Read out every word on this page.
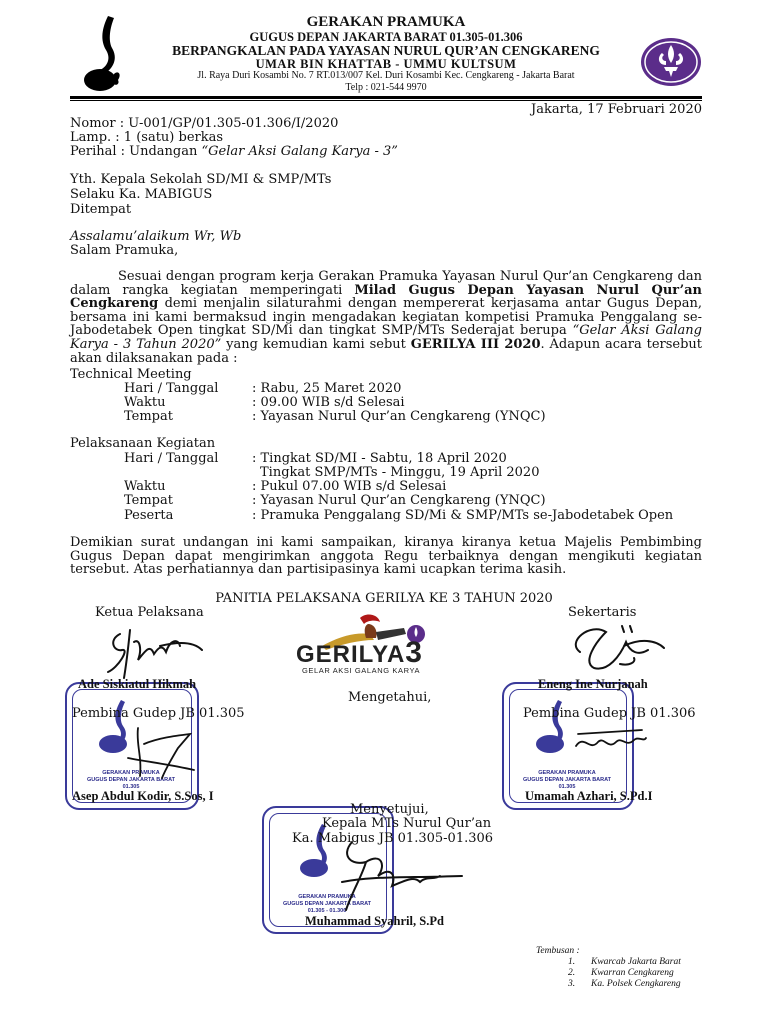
GERAKAN PRAMUKA
GUGUS DEPAN JAKARTA BARAT 01.305-01.306
BERPANGKALAN PADA YAYASAN NURUL QUR’AN CENGKARENG
UMAR BIN KHATTAB - UMMU KULTSUM
Jl. Raya Duri Kosambi No. 7 RT.013/007 Kel. Duri Kosambi Kec. Cengkareng - Jakarta Barat
Telp : 021-544 9970
Jakarta, 17 Februari 2020
Nomor : U-001/GP/01.305-01.306/I/2020
Lamp. : 1 (satu) berkas
Perihal : Undangan “Gelar Aksi Galang Karya - 3”
Yth. Kepala Sekolah SD/MI & SMP/MTs
Selaku Ka. MABIGUS
Ditempat
Assalamu’alaikum Wr, Wb
Salam Pramuka,

Sesuai dengan program kerja Gerakan Pramuka Yayasan Nurul Qur’an Cengkareng dan dalam rangka kegiatan memperingati Milad Gugus Depan Yayasan Nurul Qur’an Cengkareng demi menjalin silaturahmi dengan mempererat kerjasama antar Gugus Depan, bersama ini kami bermaksud ingin mengadakan kegiatan kompetisi Pramuka Penggalang se-Jabodetabek Open tingkat SD/Mi dan tingkat SMP/MTs Sederajat berupa “Gelar Aksi Galang Karya - 3 Tahun 2020” yang kemudian kami sebut GERILYA III 2020. Adapun acara tersebut akan dilaksanakan pada :

Technical Meeting
Hari / Tanggal	: Rabu, 25 Maret 2020
Waktu	: 09.00 WIB s/d Selesai
Tempat	: Yayasan Nurul Qur’an Cengkareng (YNQC)
Pelaksanaan Kegiatan
Hari / Tanggal	: Tingkat SD/MI - Sabtu, 18 April 2020
Tingkat SMP/MTs - Minggu, 19 April 2020
Waktu	: Pukul 07.00 WIB s/d Selesai
Tempat	: Yayasan Nurul Qur’an Cengkareng (YNQC)
Peserta	: Pramuka Penggalang SD/Mi & SMP/MTs se-Jabodetabek Open

Demikian surat undangan ini kami sampaikan, kiranya kiranya ketua Majelis Pembimbing Gugus Depan dapat mengirimkan anggota Regu terbaiknya dengan mengikuti kegiatan tersebut. Atas perhatiannya dan partisipasinya kami ucapkan terima kasih.

PANITIA PELAKSANA GERILYA KE 3 TAHUN 2020
Ketua Pelaksana	Sekertaris
GERILYA3
GELAR AKSI GALANG KARYA
GERAKAN PRAMUKA
GUGUS DEPAN JAKARTA BARAT
01.305
GERAKAN PRAMUKA
GUGUS DEPAN JAKARTA BARAT
01.305
GERAKAN PRAMUKA
GUGUS DEPAN JAKARTA BARAT
01.305 - 01.306
Ade Siskiatul Hikmah	Eneng Ine Nurjanah
Mengetahui,
Pembina Gudep JB 01.305	Pembina Gudep JB 01.306
Asep Abdul Kodir, S.Sos, I	Umamah Azhari, S.Pd.I
Menyetujui,
Kepala MTs Nurul Qur’an
Ka. Mabigus JB 01.305-01.306
Muhammad Syahril, S.Pd
Tembusan :
1. Kwarcab Jakarta Barat
2. Kwarran Cengkareng
3. Ka. Polsek Cengkareng
